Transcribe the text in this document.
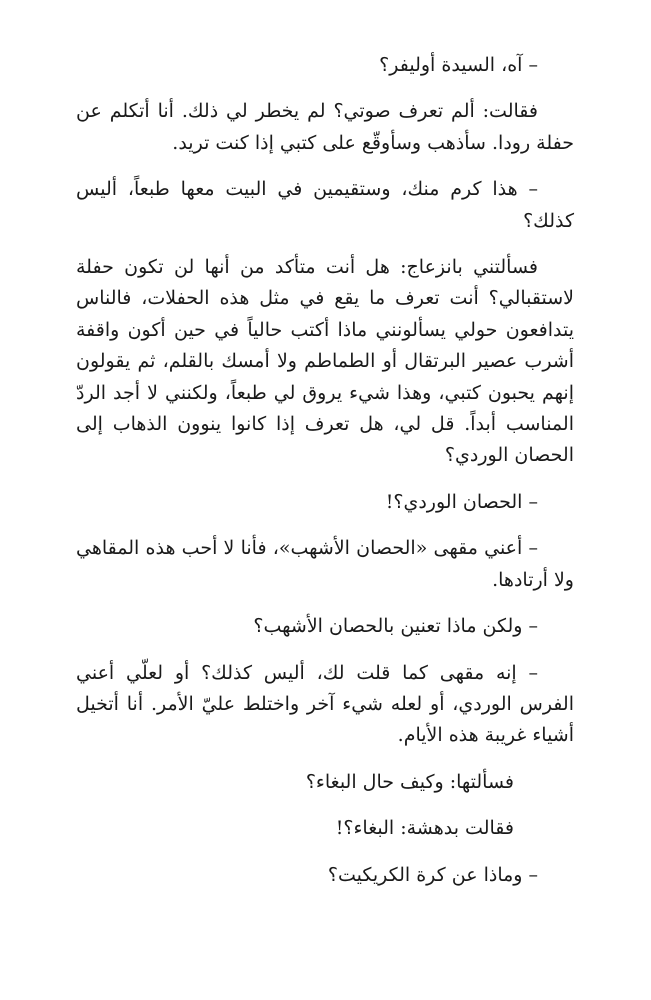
– آه، السيدة أوليفر؟

فقالت: ألم تعرف صوتي؟ لم يخطر لي ذلك. أنا أتكلم عن حفلة رودا. سأذهب وسأوقّع على كتبي إذا كنت تريد.

– هذا كرم منك، وستقيمين في البيت معها طبعاً، أليس كذلك؟

فسألتني بانزعاج: هل أنت متأكد من أنها لن تكون حفلة لاستقبالي؟ أنت تعرف ما يقع في مثل هذه الحفلات، فالناس يتدافعون حولي يسألونني ماذا أكتب حالياً في حين أكون واقفة أشرب عصير البرتقال أو الطماطم ولا أمسك بالقلم، ثم يقولون إنهم يحبون كتبي، وهذا شيء يروق لي طبعاً، ولكنني لا أجد الردّ المناسب أبداً. قل لي، هل تعرف إذا كانوا ينوون الذهاب إلى الحصان الوردي؟

– الحصان الوردي؟!

– أعني مقهى «الحصان الأشهب»، فأنا لا أحب هذه المقاهي ولا أرتادها.

– ولكن ماذا تعنين بالحصان الأشهب؟

– إنه مقهى كما قلت لك، أليس كذلك؟ أو لعلّي أعني الفرس الوردي، أو لعله شيء آخر واختلط عليّ الأمر. أنا أتخيل أشياء غريبة هذه الأيام.

فسألتها: وكيف حال البغاء؟

فقالت بدهشة: البغاء؟!

– وماذا عن كرة الكريكيت؟
